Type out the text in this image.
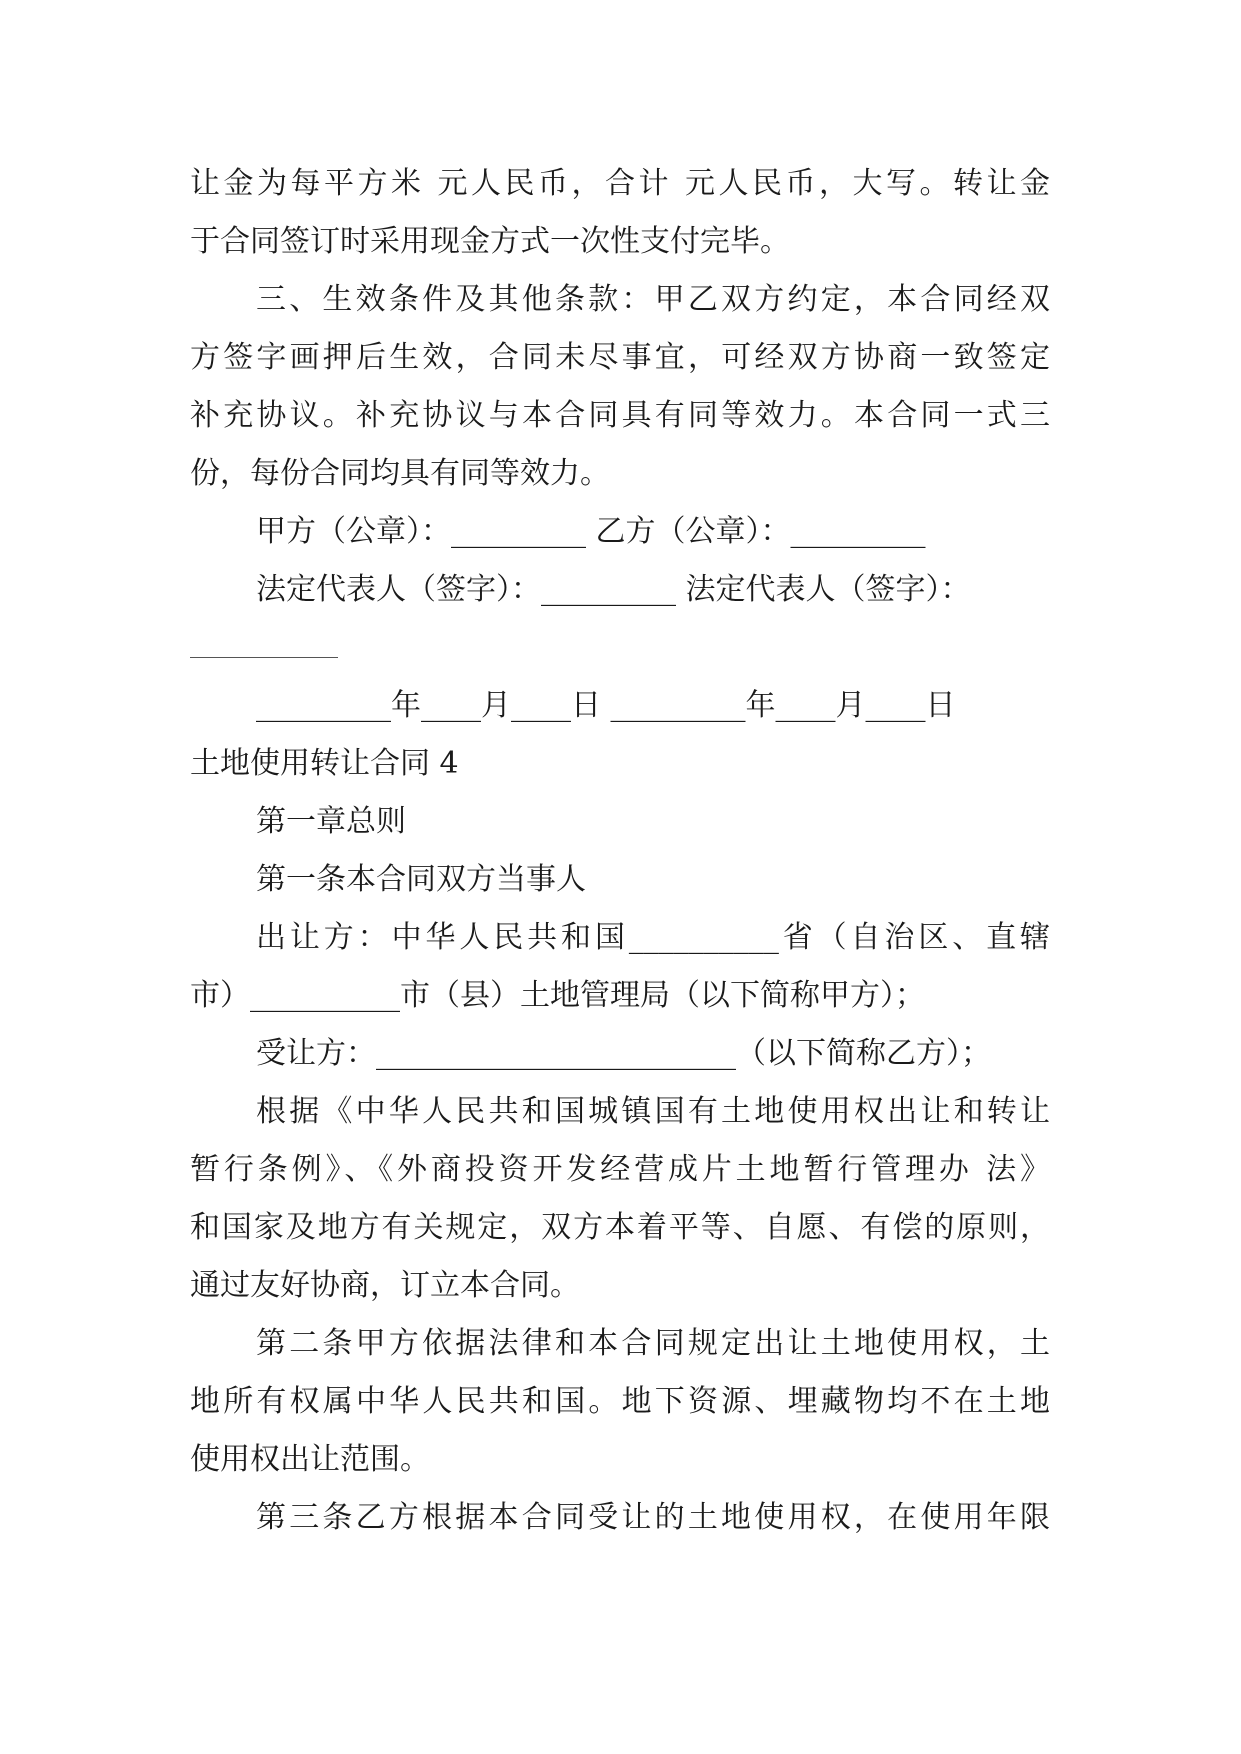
让金为每平方米 元人民币，合计 元人民币，大写。转让金
于合同签订时采用现金方式一次性支付完毕。
三、生效条件及其他条款：甲乙双方约定，本合同经双
方签字画押后生效，合同未尽事宜，可经双方协商一致签定
补充协议。补充协议与本合同具有同等效力。本合同一式三
份，每份合同均具有同等效力。
甲方（公章）：_________ 乙方（公章）：_________
法定代表人（签字）：_________ 法定代表人（签字）：
_________年____月____日 _________年____月____日
土地使用转让合同 4
第一章总则
第一条本合同双方当事人
出让方：中华人民共和国__________省（自治区、直辖
市）__________市（县）土地管理局（以下简称甲方）；
受让方：________________________（以下简称乙方）；
根据《中华人民共和国城镇国有土地使用权出让和转让
暂行条例》、《外商投资开发经营成片土地暂行管理办 法》
和国家及地方有关规定，双方本着平等、自愿、有偿的原则，
通过友好协商，订立本合同。
第二条甲方依据法律和本合同规定出让土地使用权，土
地所有权属中华人民共和国。地下资源、埋藏物均不在土地
使用权出让范围。
第三条乙方根据本合同受让的土地使用权，在使用年限
